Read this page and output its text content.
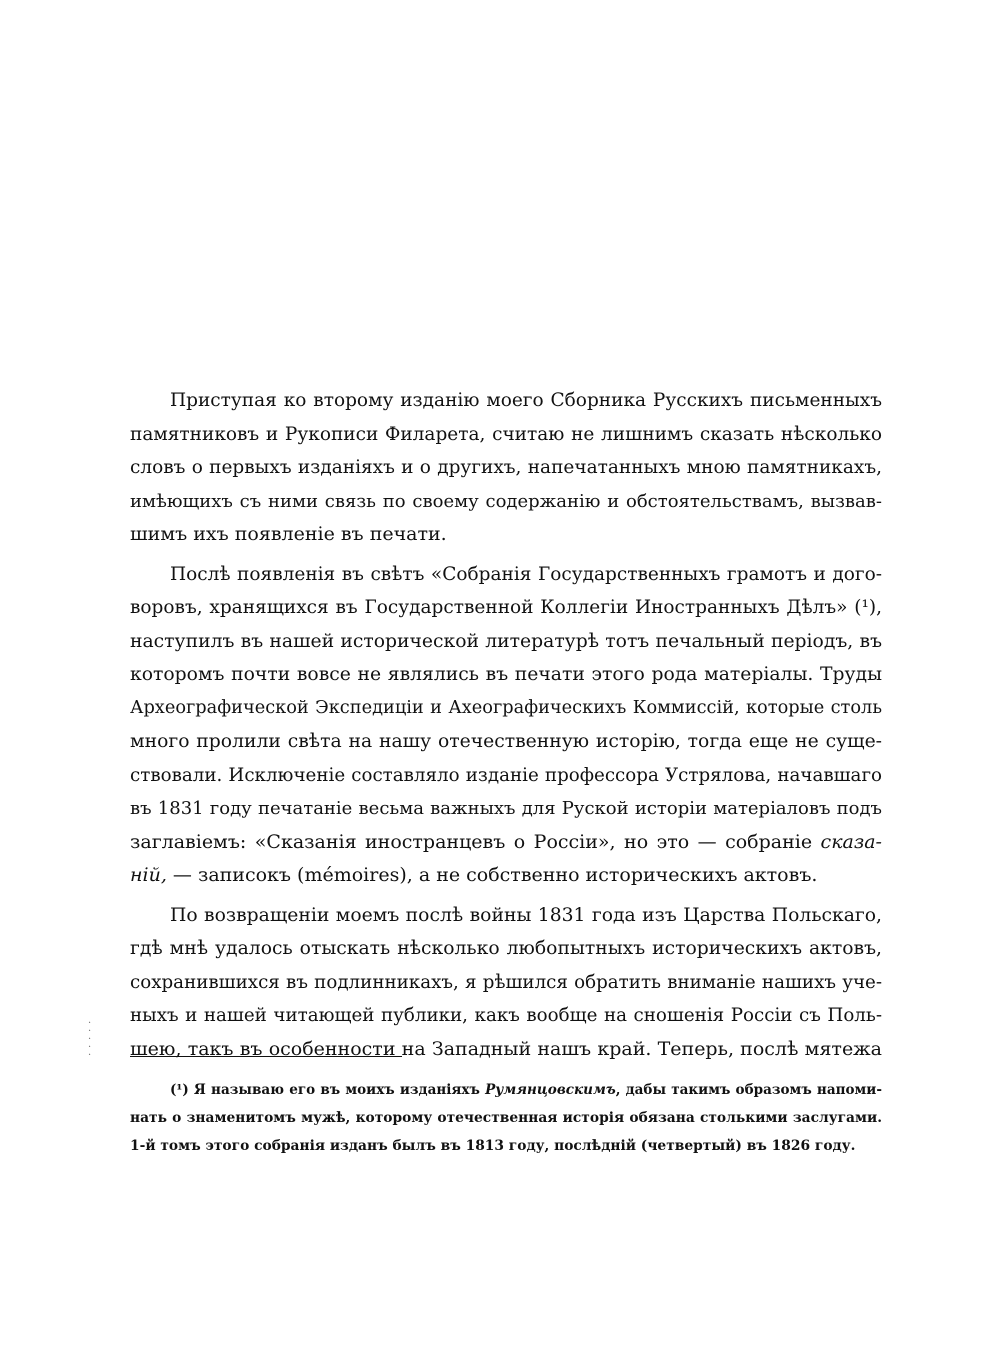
Приступая ко второму изданію моего Сборника Русскихъ письменныхъ
памятниковъ и Рукописи Филарета, считаю не лишнимъ сказать нѣсколько
словъ о первыхъ изданіяхъ и о другихъ, напечатанныхъ мною памятникахъ,
имѣющихъ съ ними связь по своему содержанію и обстоятельствамъ, вызвав-
шимъ ихъ появленіе въ печати.
Послѣ появленія въ свѣтъ «Собранія Государственныхъ грамотъ и дого-
воровъ, хранящихся въ Государственной Коллегіи Иностранныхъ Дѣлъ» (¹),
наступилъ въ нашей исторической литературѣ тотъ печальный періодъ, въ
которомъ почти вовсе не являлись въ печати этого рода матеріалы. Труды
Археографической Экспедиціи и Ахеографическихъ Коммиссій, которые столь
много пролили свѣта на нашу отечественную исторію, тогда еще не суще-
ствовали. Исключеніе составляло изданіе профессора Устрялова, начавшаго
въ 1831 году печатаніе весьма важныхъ для Руской исторіи матеріаловъ подъ
заглавіемъ: «Сказанія иностранцевъ о Россіи», но это — собраніе сказа-
ній, — записокъ (mémoires), а не собственно историческихъ актовъ.
По возвращеніи моемъ послѣ войны 1831 года изъ Царства Польскаго,
гдѣ мнѣ удалось отыскать нѣсколько любопытныхъ историческихъ актовъ,
сохранившихся въ подлинникахъ, я рѣшился обратить вниманіе нашихъ уче-
ныхъ и нашей читающей публики, какъ вообще на сношенія Россіи съ Поль-
шею, такъ въ особенности на Западный нашъ край. Теперь, послѣ мятежа
·
·
·
·
·
(¹) Я называю его въ моихъ изданіяхъ Румянцовскимъ, дабы такимъ образомъ напоми-
нать о знаменитомъ мужѣ, которому отечественная исторія обязана столькими заслугами.
1-й томъ этого собранія изданъ былъ въ 1813 году, послѣдній (четвертый) въ 1826 году.
